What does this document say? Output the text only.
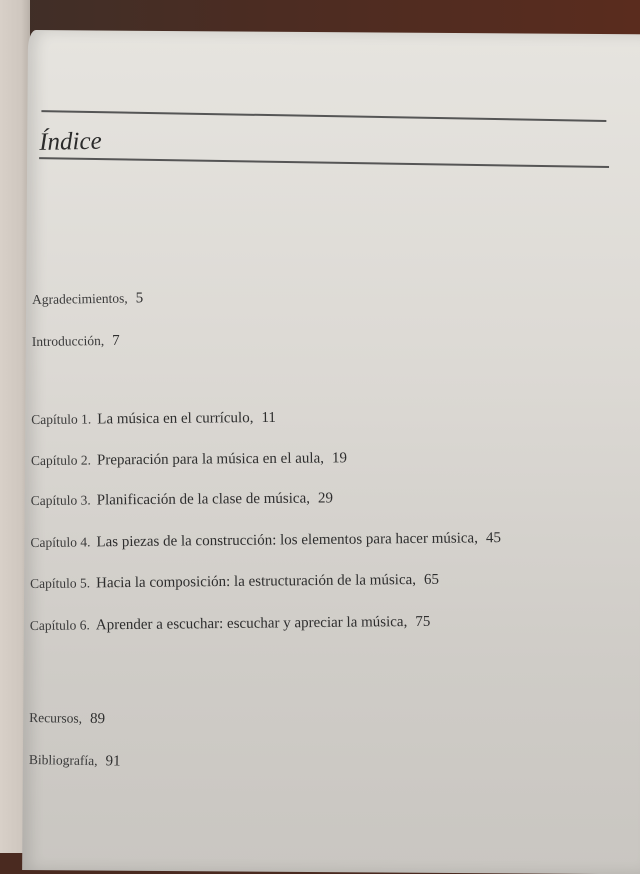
Índice
Agradecimientos, 5
Introducción, 7
Capítulo 1. La música en el currículo, 11
Capítulo 2. Preparación para la música en el aula, 19
Capítulo 3. Planificación de la clase de música, 29
Capítulo 4. Las piezas de la construcción: los elementos para hacer música, 45
Capítulo 5. Hacia la composición: la estructuración de la música, 65
Capítulo 6. Aprender a escuchar: escuchar y apreciar la música, 75
Recursos, 89
Bibliografía, 91
